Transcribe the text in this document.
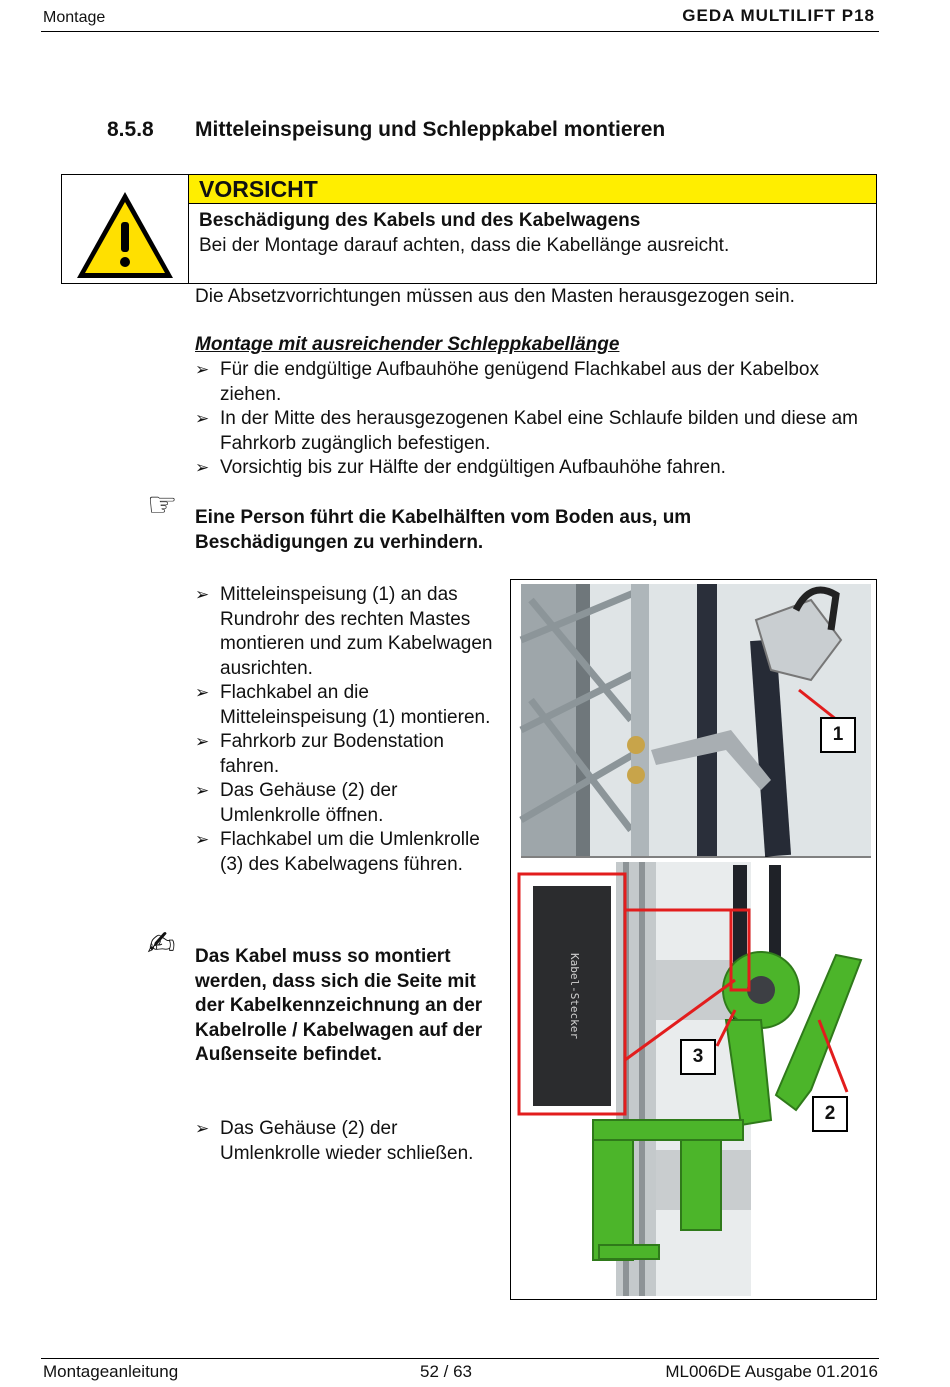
Montage	GEDA MULTILIFT P18
8.5.8 Mitteleinspeisung und Schleppkabel montieren
VORSICHT
Beschädigung des Kabels und des Kabelwagens
Bei der Montage darauf achten, dass die Kabellänge ausreicht.
Die Absetzvorrichtungen müssen aus den Masten herausgezogen sein.
Montage mit ausreichender Schleppkabellänge
➢ Für die endgültige Aufbauhöhe genügend Flachkabel aus der Kabelbox ziehen.
➢ In der Mitte des herausgezogenen Kabel eine Schlaufe bilden und diese am Fahrkorb zugänglich befestigen.
➢ Vorsichtig bis zur Hälfte der endgültigen Aufbauhöhe fahren.
☞ Eine Person führt die Kabelhälften vom Boden aus, um Beschädigungen zu verhindern.
➢ Mitteleinspeisung (1) an das Rundrohr des rechten Mastes montieren und zum Kabelwagen ausrichten.
➢ Flachkabel an die Mitteleinspeisung (1) montieren.
➢ Fahrkorb zur Bodenstation fahren.
➢ Das Gehäuse (2) der Umlenkrolle öffnen.
➢ Flachkabel um die Umlenkrolle (3) des Kabelwagens führen.
✍ Das Kabel muss so montiert werden, dass sich die Seite mit der Kabelkennzeichnung an der Kabelrolle / Kabelwagen auf der Außenseite befindet.
➢ Das Gehäuse (2) der Umlenkrolle wieder schließen.
Kabel-Stecker
1
3
2
Montageanleitung	52 / 63	ML006DE Ausgabe 01.2016
